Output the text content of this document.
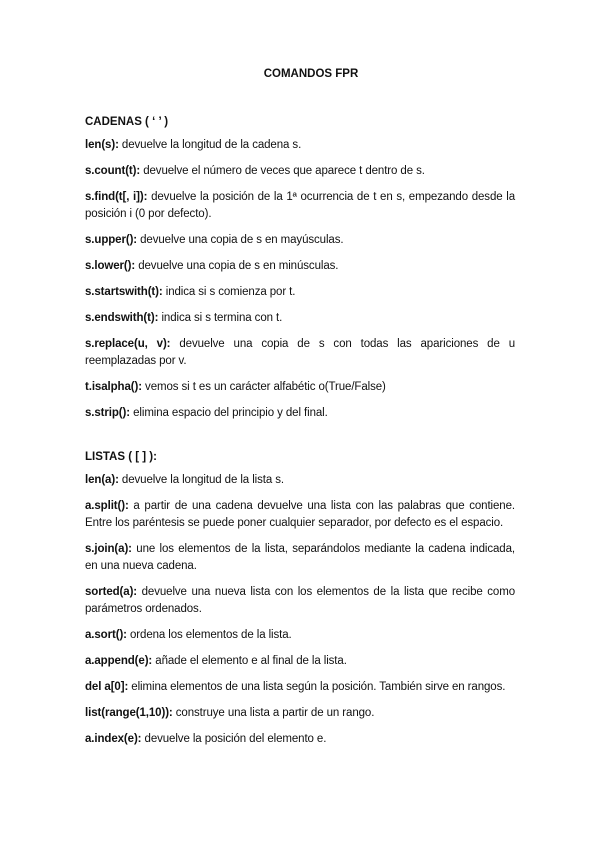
COMANDOS FPR
CADENAS ( ‘ ’ )

len(s): devuelve la longitud de la cadena s.

s.count(t): devuelve el número de veces que aparece t dentro de s.

s.find(t[, i]): devuelve la posición de la 1ª ocurrencia de t en s, empezando desde la posición i (0 por defecto).

s.upper(): devuelve una copia de s en mayúsculas.

s.lower(): devuelve una copia de s en minúsculas.

s.startswith(t): indica si s comienza por t.

s.endswith(t): indica si s termina con t.

s.replace(u, v): devuelve una copia de s con todas las apariciones de u reemplazadas por v.

t.isalpha(): vemos si t es un carácter alfabétic o(True/False)

s.strip(): elimina espacio del principio y del final.

LISTAS ( [ ] ):

len(a): devuelve la longitud de la lista s.

a.split(): a partir de una cadena devuelve una lista con las palabras que contiene. Entre los paréntesis se puede poner cualquier separador, por defecto es el espacio.

s.join(a): une los elementos de la lista, separándolos mediante la cadena indicada, en una nueva cadena.

sorted(a): devuelve una nueva lista con los elementos de la lista que recibe como parámetros ordenados.

a.sort(): ordena los elementos de la lista.

a.append(e): añade el elemento e al final de la lista.

del a[0]: elimina elementos de una lista según la posición. También sirve en rangos.

list(range(1,10)): construye una lista a partir de un rango.

a.index(e): devuelve la posición del elemento e.
